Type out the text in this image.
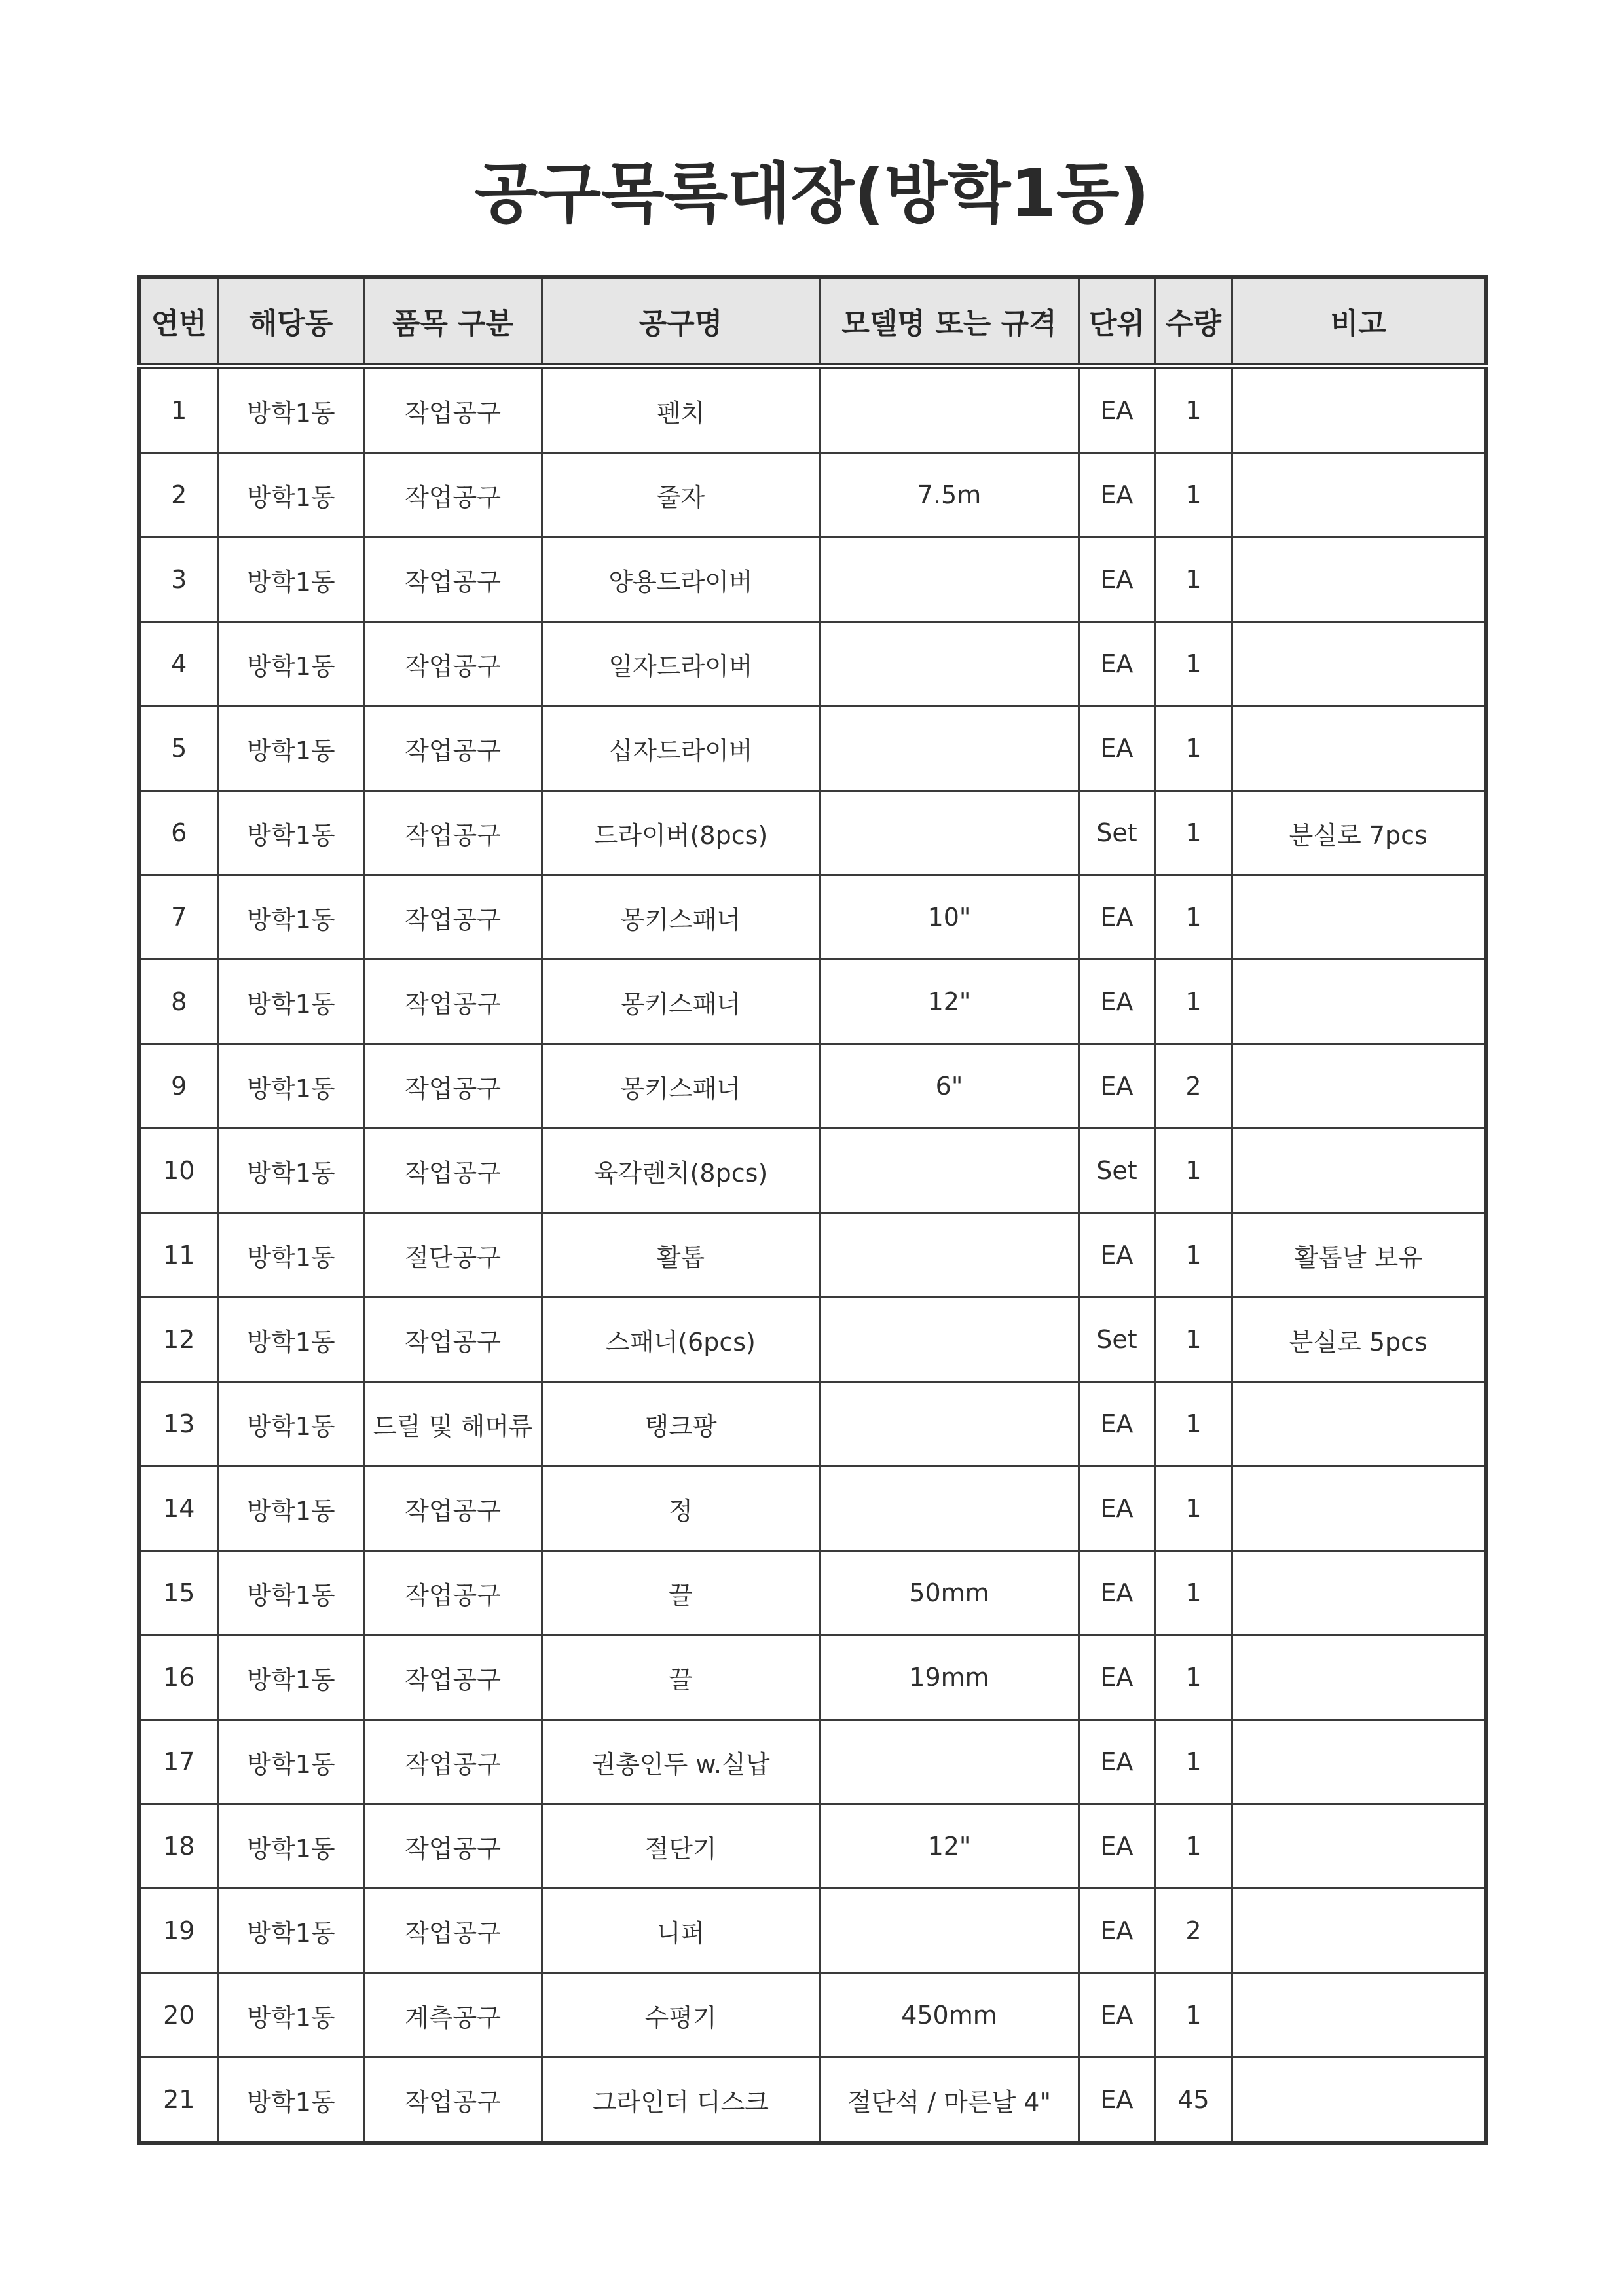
공구목록대장(방학1동)
연번	해당동	품목 구분	공구명	모델명 또는 규격	단위	수량	비고
1	방학1동	작업공구	펜치		EA	1	
2	방학1동	작업공구	줄자	7.5m	EA	1	
3	방학1동	작업공구	양용드라이버		EA	1	
4	방학1동	작업공구	일자드라이버		EA	1	
5	방학1동	작업공구	십자드라이버		EA	1	
6	방학1동	작업공구	드라이버(8pcs)		Set	1	분실로 7pcs
7	방학1동	작업공구	몽키스패너	10"	EA	1	
8	방학1동	작업공구	몽키스패너	12"	EA	1	
9	방학1동	작업공구	몽키스패너	6"	EA	2	
10	방학1동	작업공구	육각렌치(8pcs)		Set	1	
11	방학1동	절단공구	활톱		EA	1	활톱날 보유
12	방학1동	작업공구	스패너(6pcs)		Set	1	분실로 5pcs
13	방학1동	드릴 및 해머류	탱크팡		EA	1	
14	방학1동	작업공구	정		EA	1	
15	방학1동	작업공구	끌	50mm	EA	1	
16	방학1동	작업공구	끌	19mm	EA	1	
17	방학1동	작업공구	권총인두 w.실납		EA	1	
18	방학1동	작업공구	절단기	12"	EA	1	
19	방학1동	작업공구	니퍼		EA	2	
20	방학1동	계측공구	수평기	450mm	EA	1	
21	방학1동	작업공구	그라인더 디스크	절단석 / 마른날 4"	EA	45	
